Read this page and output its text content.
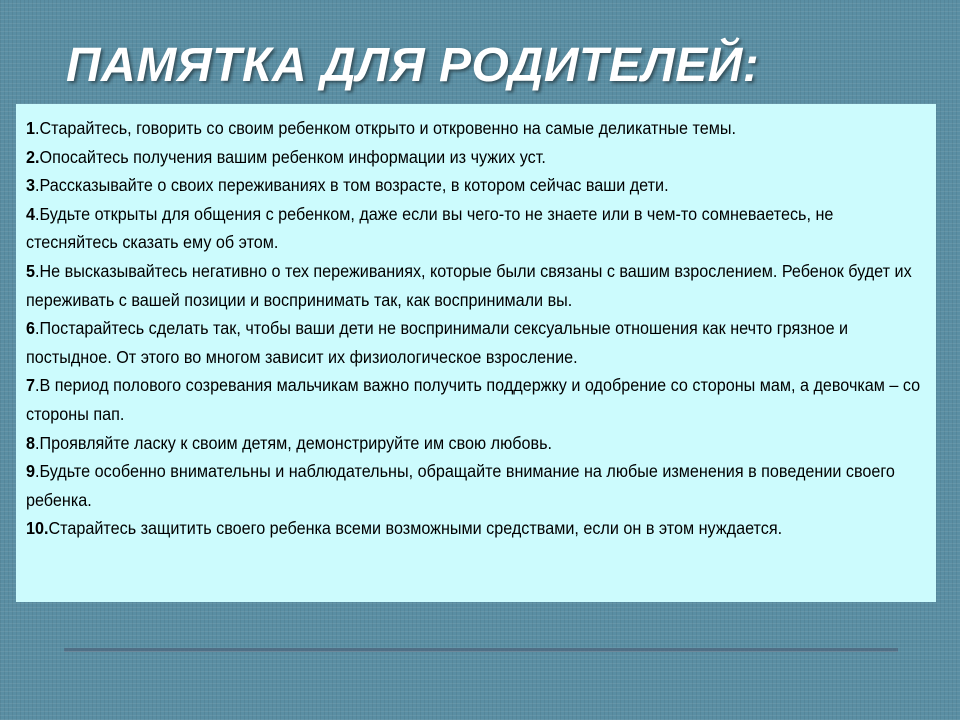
ПАМЯТКА ДЛЯ РОДИТЕЛЕЙ:
1.Старайтесь, говорить со своим ребенком открыто и откровенно на самые деликатные темы.
2.Опосайтесь получения вашим ребенком информации из чужих уст.
3.Рассказывайте о своих переживаниях в том возрасте, в котором сейчас ваши дети.
4.Будьте открыты для общения с ребенком, даже если вы чего-то не знаете или в чем-то сомневаетесь, не стесняйтесь сказать ему об этом.
5.Не высказывайтесь негативно о тех переживаниях, которые были связаны с вашим взрослением. Ребенок будет их переживать с вашей позиции и воспринимать так, как воспринимали вы.
6.Постарайтесь сделать так, чтобы ваши дети не воспринимали сексуальные отношения как нечто грязное и постыдное. От этого во многом зависит их физиологическое взросление.
7.В период полового созревания мальчикам важно получить поддержку и одобрение со стороны мам, а девочкам – со стороны пап.
8.Проявляйте ласку к своим детям, демонстрируйте им свою любовь.
9.Будьте особенно внимательны и наблюдательны, обращайте внимание на любые изменения в поведении своего ребенка.
10.Старайтесь защитить своего ребенка всеми возможными средствами, если он в этом нуждается.
